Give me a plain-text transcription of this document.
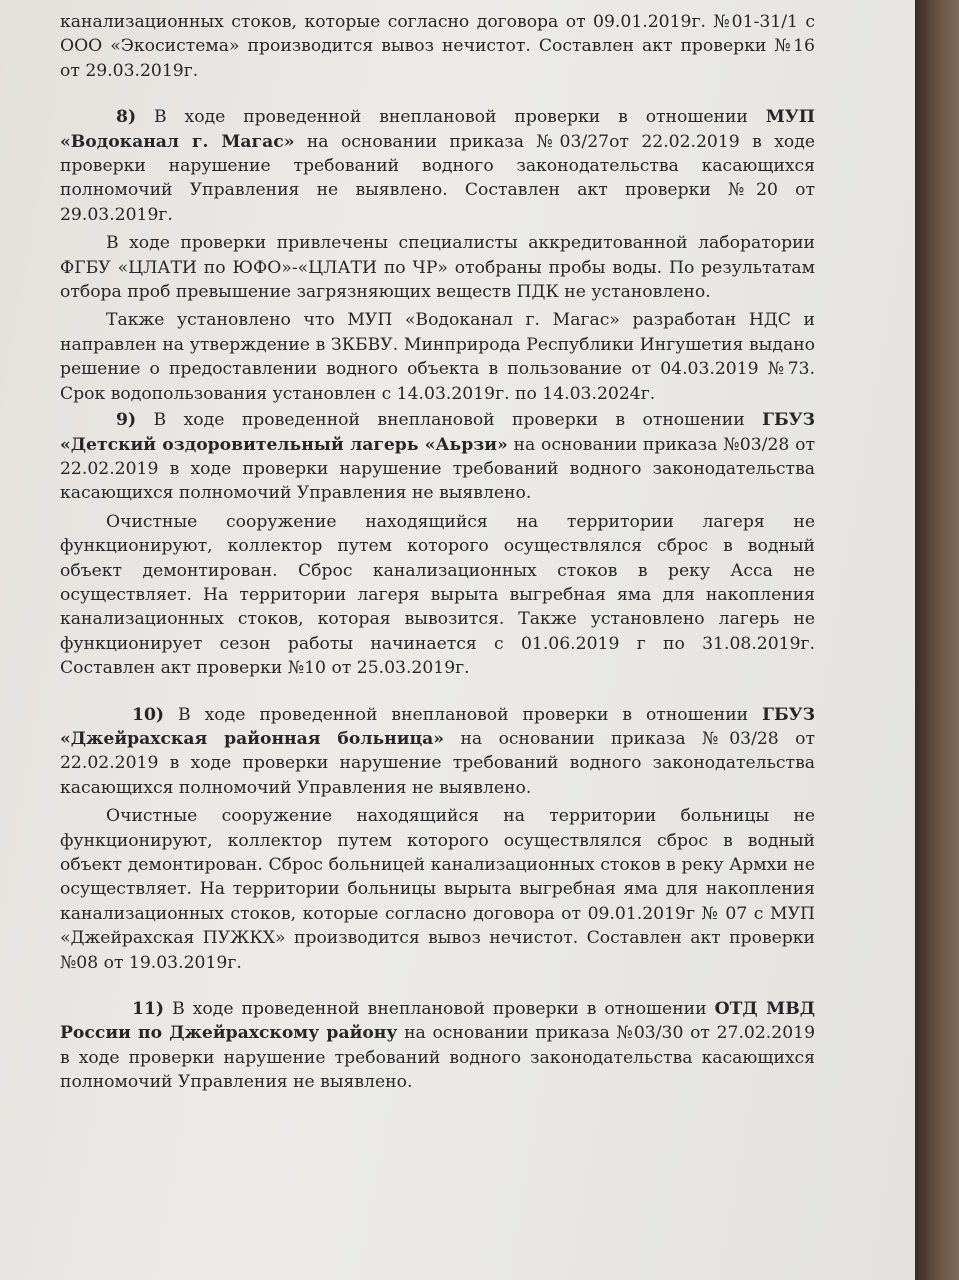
канализационных стоков, которые согласно договора от 09.01.2019г. №01-31/1 с ООО «Экосистема» производится вывоз нечистот. Составлен акт проверки №16 от 29.03.2019г.

8) В ходе проведенной внеплановой проверки в отношении МУП «Водоканал г. Магас» на основании приказа №03/27от 22.02.2019 в ходе проверки нарушение требований водного законодательства касающихся полномочий Управления не выявлено. Составлен акт проверки №20 от 29.03.2019г.

В ходе проверки привлечены специалисты аккредитованной лаборатории ФГБУ «ЦЛАТИ по ЮФО»-«ЦЛАТИ по ЧР» отобраны пробы воды. По результатам отбора проб превышение загрязняющих веществ ПДК не установлено.

Также установлено что МУП «Водоканал г. Магас» разработан НДС и направлен на утверждение в ЗКБВУ. Минприрода Республики Ингушетия выдано решение о предоставлении водного объекта в пользование от 04.03.2019 №73. Срок водопользования установлен с 14.03.2019г. по 14.03.2024г.

9) В ходе проведенной внеплановой проверки в отношении ГБУЗ «Детский оздоровительный лагерь «Аьрзи» на основании приказа №03/28 от 22.02.2019 в ходе проверки нарушение требований водного законодательства касающихся полномочий Управления не выявлено.

Очистные сооружение находящийся на территории лагеря не функционируют, коллектор путем которого осуществлялся сброс в водный объект демонтирован. Сброс канализационных стоков в реку Асса не осуществляет. На территории лагеря вырыта выгребная яма для накопления канализационных стоков, которая вывозится. Также установлено лагерь не функционирует сезон работы начинается с 01.06.2019 г по 31.08.2019г. Составлен акт проверки №10 от 25.03.2019г.

10) В ходе проведенной внеплановой проверки в отношении ГБУЗ «Джейрахская районная больница» на основании приказа №03/28 от 22.02.2019 в ходе проверки нарушение требований водного законодательства касающихся полномочий Управления не выявлено.

Очистные сооружение находящийся на территории больницы не функционируют, коллектор путем которого осуществлялся сброс в водный объект демонтирован. Сброс больницей канализационных стоков в реку Армхи не осуществляет. На территории больницы вырыта выгребная яма для накопления канализационных стоков, которые согласно договора от 09.01.2019г № 07 с МУП «Джейрахская ПУЖКХ» производится вывоз нечистот. Составлен акт проверки №08 от 19.03.2019г.

11) В ходе проведенной внеплановой проверки в отношении ОТД МВД России по Джейрахскому району на основании приказа №03/30 от 27.02.2019 в ходе проверки нарушение требований водного законодательства касающихся полномочий Управления не выявлено.
